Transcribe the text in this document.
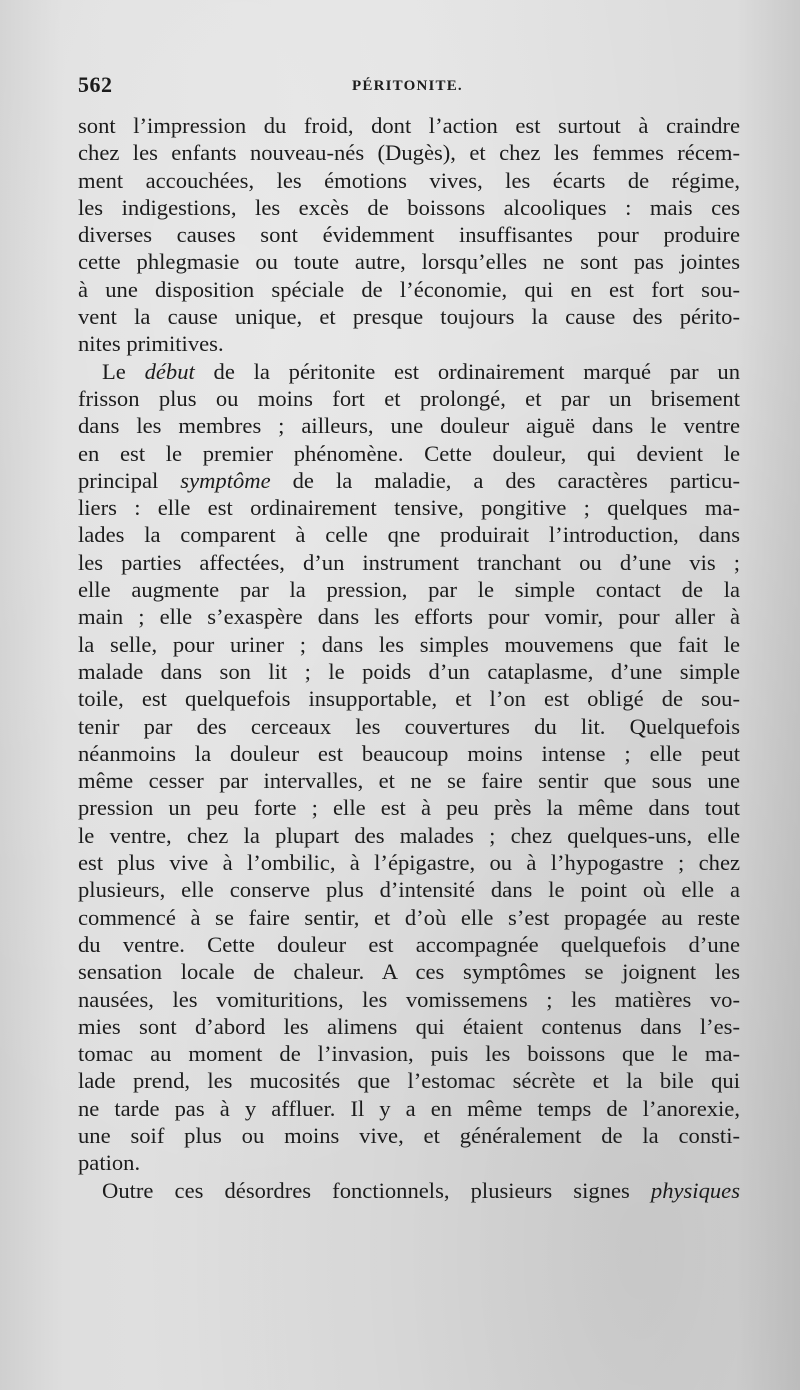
562	PÉRITONITE.
sont l’impression du froid, dont l’action est surtout à craindre
chez les enfants nouveau-nés (Dugès), et chez les femmes récem-
ment accouchées, les émotions vives, les écarts de régime,
les indigestions, les excès de boissons alcooliques : mais ces
diverses causes sont évidemment insuffisantes pour produire
cette phlegmasie ou toute autre, lorsqu’elles ne sont pas jointes
à une disposition spéciale de l’économie, qui en est fort sou-
vent la cause unique, et presque toujours la cause des périto-
nites primitives.
Le début de la péritonite est ordinairement marqué par un
frisson plus ou moins fort et prolongé, et par un brisement
dans les membres ; ailleurs, une douleur aiguë dans le ventre
en est le premier phénomène. Cette douleur, qui devient le
principal symptôme de la maladie, a des caractères particu-
liers : elle est ordinairement tensive, pongitive ; quelques ma-
lades la comparent à celle qne produirait l’introduction, dans
les parties affectées, d’un instrument tranchant ou d’une vis ;
elle augmente par la pression, par le simple contact de la
main ; elle s’exaspère dans les efforts pour vomir, pour aller à
la selle, pour uriner ; dans les simples mouvemens que fait le
malade dans son lit ; le poids d’un cataplasme, d’une simple
toile, est quelquefois insupportable, et l’on est obligé de sou-
tenir par des cerceaux les couvertures du lit. Quelquefois
néanmoins la douleur est beaucoup moins intense ; elle peut
même cesser par intervalles, et ne se faire sentir que sous une
pression un peu forte ; elle est à peu près la même dans tout
le ventre, chez la plupart des malades ; chez quelques-uns, elle
est plus vive à l’ombilic, à l’épigastre, ou à l’hypogastre ; chez
plusieurs, elle conserve plus d’intensité dans le point où elle a
commencé à se faire sentir, et d’où elle s’est propagée au reste
du ventre. Cette douleur est accompagnée quelquefois d’une
sensation locale de chaleur. A ces symptômes se joignent les
nausées, les vomituritions, les vomissemens ; les matières vo-
mies sont d’abord les alimens qui étaient contenus dans l’es-
tomac au moment de l’invasion, puis les boissons que le ma-
lade prend, les mucosités que l’estomac sécrète et la bile qui
ne tarde pas à y affluer. Il y a en même temps de l’anorexie,
une soif plus ou moins vive, et généralement de la consti-
pation.
Outre ces désordres fonctionnels, plusieurs signes physiques
